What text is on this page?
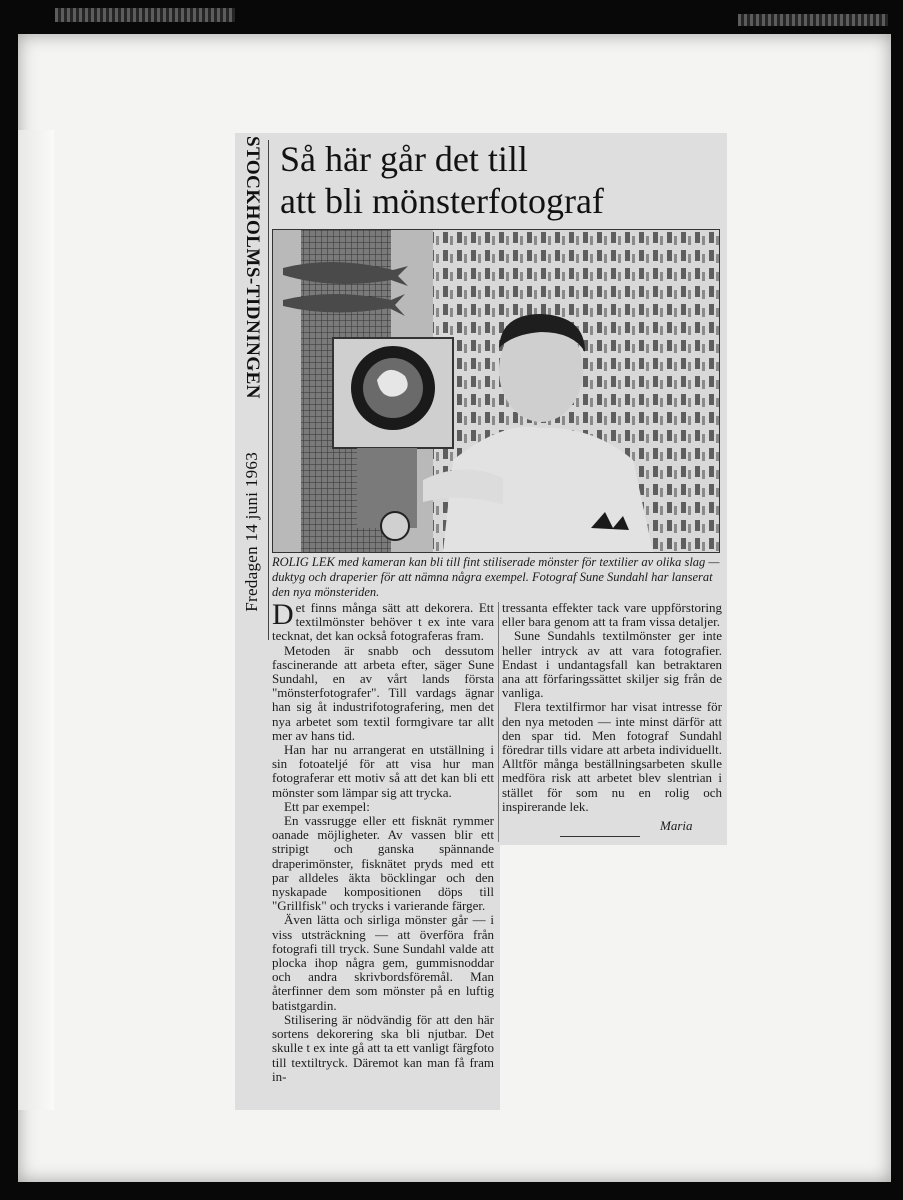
STOCKHOLMS-TIDNINGEN
Fredagen 14 juni 1963
Så här går det till
att bli mönsterfotograf
ROLIG LEK med kameran kan bli till fint stiliserade mönster för textilier av olika slag — duktyg och draperier för att nämna några exempel. Fotograf Sune Sundahl har lanserat den nya mönsteriden.

Det finns många sätt att dekorera. Ett textilmönster behöver t ex inte vara tecknat, det kan också fotograferas fram.

Metoden är snabb och dessutom fascinerande att arbeta efter, säger Sune Sundahl, en av vårt lands första "mönsterfotografer". Till vardags ägnar han sig åt industrifotografering, men det nya arbetet som textil formgivare tar allt mer av hans tid.

Han har nu arrangerat en utställning i sin fotoateljé för att visa hur man fotograferar ett motiv så att det kan bli ett mönster som lämpar sig att trycka.

Ett par exempel:

En vassrugge eller ett fisknät rymmer oanade möjligheter. Av vassen blir ett stripigt och ganska spännande draperimönster, fisknätet pryds med ett par alldeles äkta böcklingar och den nyskapade kompositionen döps till "Grillfisk" och trycks i varierande färger.

Även lätta och sirliga mönster går — i viss utsträckning — att överföra från fotografi till tryck. Sune Sundahl valde att plocka ihop några gem, gummisnoddar och andra skrivbordsföremål. Man återfinner dem som mönster på en luftig batistgardin.

Stilisering är nödvändig för att den här sortens dekorering ska bli njutbar. Det skulle t ex inte gå att ta ett vanligt färgfoto till textiltryck. Däremot kan man få fram in-

tressanta effekter tack vare uppförstoring eller bara genom att ta fram vissa detaljer.

Sune Sundahls textilmönster ger inte heller intryck av att vara fotografier. Endast i undantagsfall kan betraktaren ana att förfaringssättet skiljer sig från de vanliga.

Flera textilfirmor har visat intresse för den nya metoden — inte minst därför att den spar tid. Men fotograf Sundahl föredrar tills vidare att arbeta individuellt. Alltför många beställningsarbeten skulle medföra risk att arbetet blev slentrian i stället för som nu en rolig och inspirerande lek.

Maria
